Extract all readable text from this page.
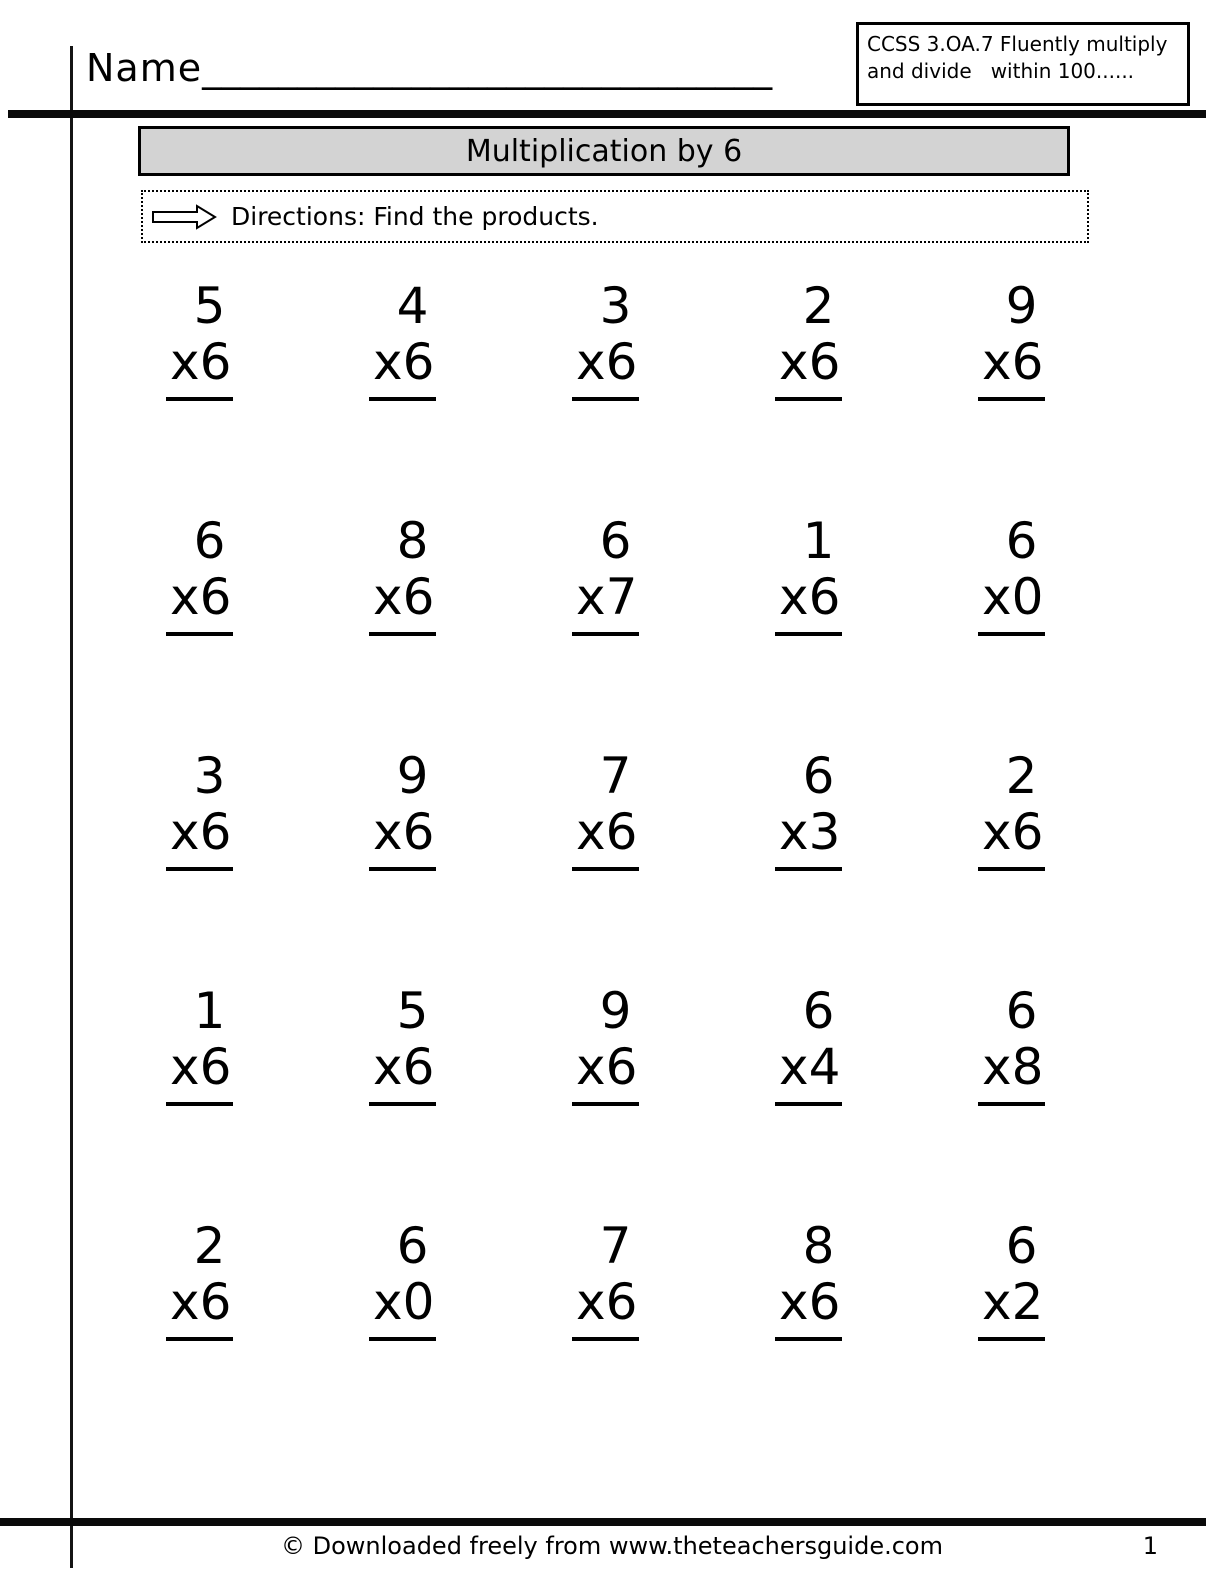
Name______________________________
CCSS 3.OA.7 Fluently multiply
and divide   within 100......
Multiplication by 6
Directions: Find the products.
5
x6
4
x6
3
x6
2
x6
9
x6
6
x6
8
x6
6
x7
1
x6
6
x0
3
x6
9
x6
7
x6
6
x3
2
x6
1
x6
5
x6
9
x6
6
x4
6
x8
2
x6
6
x0
7
x6
8
x6
6
x2
© Downloaded freely from www.theteachersguide.com	1
